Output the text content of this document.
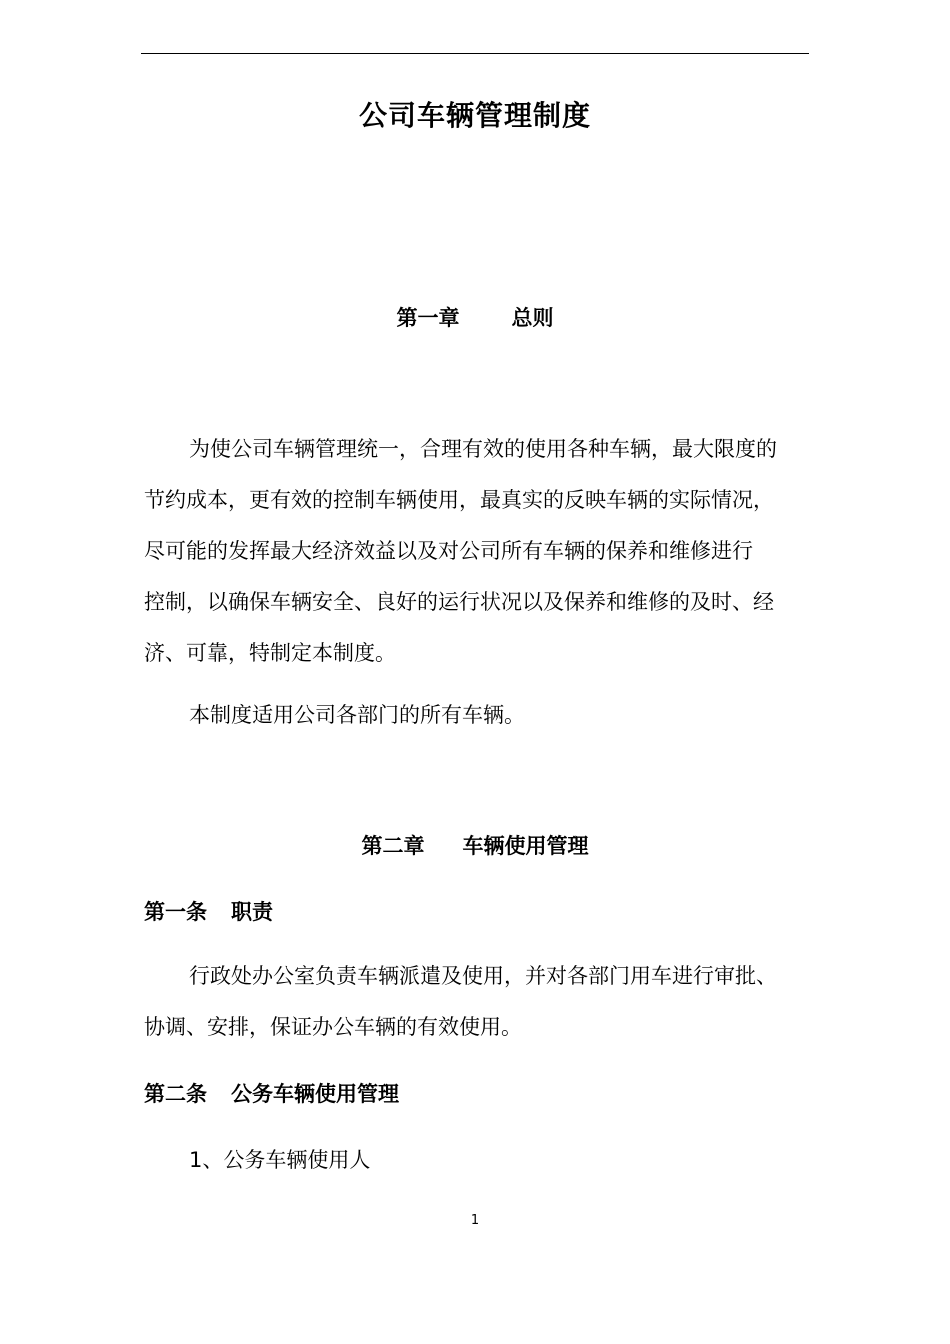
公司车辆管理制度
第一章 总则
为使公司车辆管理统一，合理有效的使用各种车辆，最大限度的
节约成本，更有效的控制车辆使用，最真实的反映车辆的实际情况，
尽可能的发挥最大经济效益以及对公司所有车辆的保养和维修进行
控制，以确保车辆安全、良好的运行状况以及保养和维修的及时、经
济、可靠，特制定本制度。
本制度适用公司各部门的所有车辆。
第二章 车辆使用管理
第一条 职责
行政处办公室负责车辆派遣及使用，并对各部门用车进行审批、
协调、安排，保证办公车辆的有效使用。
第二条 公务车辆使用管理
1、公务车辆使用人
1
